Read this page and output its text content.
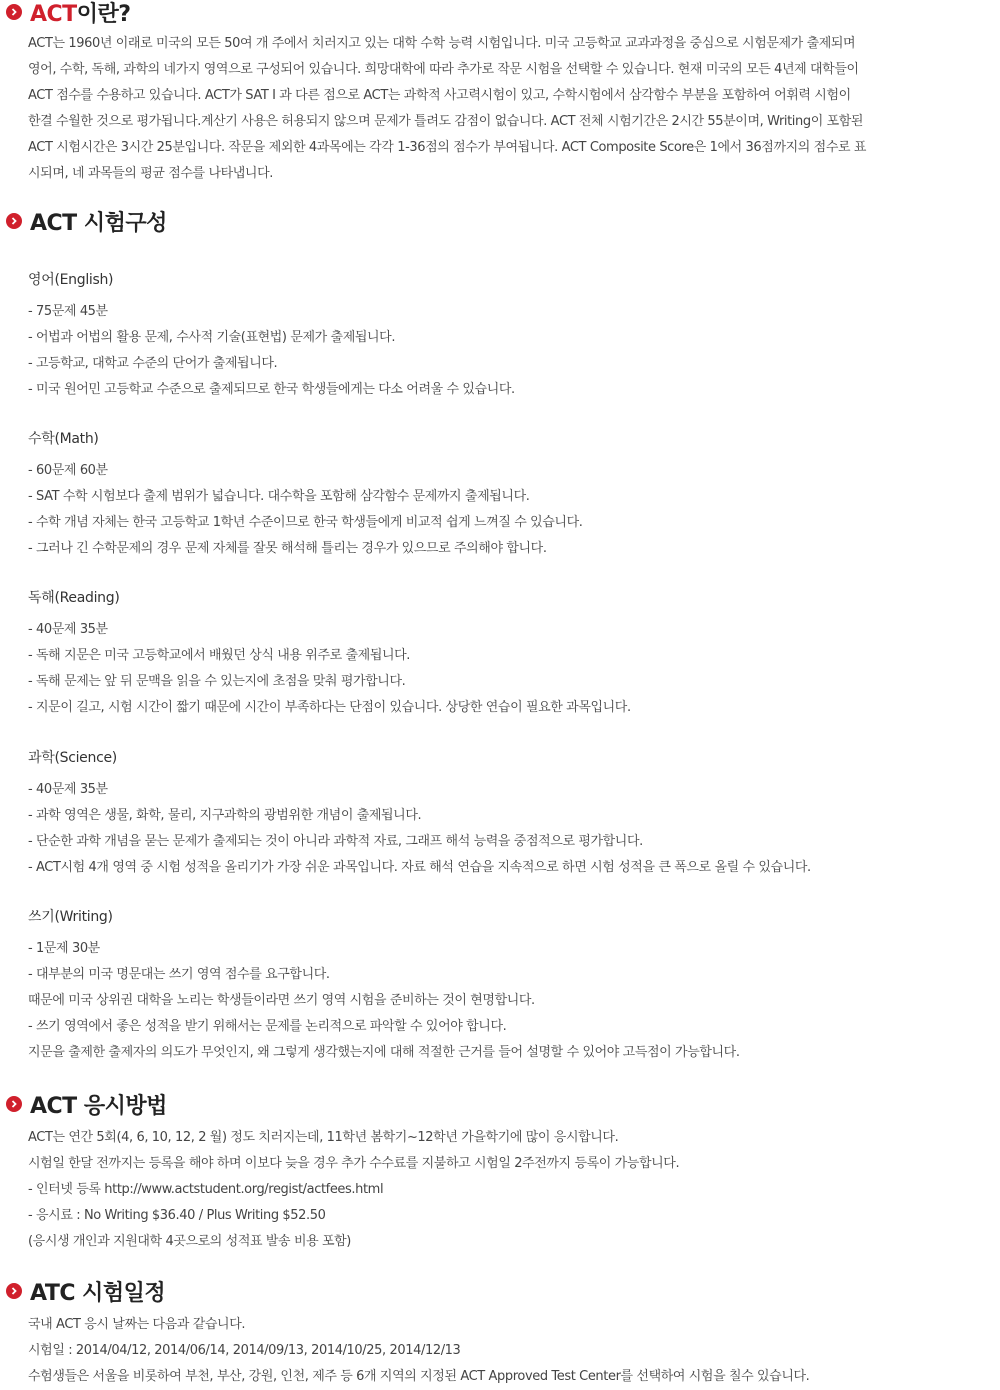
ACT이란?
ACT는 1960년 이래로 미국의 모든 50여 개 주에서 치러지고 있는 대학 수학 능력 시험입니다. 미국 고등학교 교과과정을 중심으로 시험문제가 출제되며
영어, 수학, 독해, 과학의 네가지 영역으로 구성되어 있습니다. 희망대학에 따라 추가로 작문 시험을 선택할 수 있습니다. 현재 미국의 모든 4년제 대학들이
ACT 점수를 수용하고 있습니다. ACT가 SAT Ⅰ 과 다른 점으로 ACT는 과학적 사고력시험이 있고, 수학시험에서 삼각함수 부분을 포함하여 어휘력 시험이
한결 수월한 것으로 평가됩니다.계산기 사용은 허용되지 않으며 문제가 틀려도 감점이 없습니다. ACT 전체 시험기간은 2시간 55분이며, Writing이 포함된
ACT 시험시간은 3시간 25분입니다. 작문을 제외한 4과목에는 각각 1-36점의 점수가 부여됩니다. ACT Composite Score은 1에서 36점까지의 점수로 표
시되며, 네 과목들의 평균 점수를 나타냅니다.
ACT 시험구성
영어(English)
- 75문제 45분
- 어법과 어법의 활용 문제, 수사적 기술(표현법) 문제가 출제됩니다.
- 고등학교, 대학교 수준의 단어가 출제됩니다.
- 미국 원어민 고등학교 수준으로 출제되므로 한국 학생들에게는 다소 어려울 수 있습니다.
수학(Math)
- 60문제 60분
- SAT 수학 시험보다 출제 범위가 넓습니다. 대수학을 포함해 삼각함수 문제까지 출제됩니다.
- 수학 개념 자체는 한국 고등학교 1학년 수준이므로 한국 학생들에게 비교적 쉽게 느껴질 수 있습니다.
- 그러나 긴 수학문제의 경우 문제 자체를 잘못 해석해 틀리는 경우가 있으므로 주의해야 합니다.
독해(Reading)
- 40문제 35분
- 독해 지문은 미국 고등학교에서 배웠던 상식 내용 위주로 출제됩니다.
- 독해 문제는 앞 뒤 문맥을 읽을 수 있는지에 초점을 맞춰 평가합니다.
- 지문이 길고, 시험 시간이 짧기 때문에 시간이 부족하다는 단점이 있습니다. 상당한 연습이 필요한 과목입니다.
과학(Science)
- 40문제 35분
- 과학 영역은 생물, 화학, 물리, 지구과학의 광범위한 개념이 출제됩니다.
- 단순한 과학 개념을 묻는 문제가 출제되는 것이 아니라 과학적 자료, 그래프 해석 능력을 중점적으로 평가합니다.
- ACT시험 4개 영역 중 시험 성적을 올리기가 가장 쉬운 과목입니다. 자료 해석 연습을 지속적으로 하면 시험 성적을 큰 폭으로 올릴 수 있습니다.
쓰기(Writing)
- 1문제 30분
- 대부분의 미국 명문대는 쓰기 영역 점수를 요구합니다.
때문에 미국 상위권 대학을 노리는 학생들이라면 쓰기 영역 시험을 준비하는 것이 현명합니다.
- 쓰기 영역에서 좋은 성적을 받기 위해서는 문제를 논리적으로 파악할 수 있어야 합니다.
지문을 출제한 출제자의 의도가 무엇인지, 왜 그렇게 생각했는지에 대해 적절한 근거를 들어 설명할 수 있어야 고득점이 가능합니다.
ACT 응시방법
ACT는 연간 5회(4, 6, 10, 12, 2 월) 정도 치러지는데, 11학년 봄학기~12학년 가을학기에 많이 응시합니다.
시험일 한달 전까지는 등록을 해야 하며 이보다 늦을 경우 추가 수수료를 지불하고 시험일 2주전까지 등록이 가능합니다.
- 인터넷 등록 http://www.actstudent.org/regist/actfees.html
- 응시료 : No Writing $36.40 / Plus Writing $52.50
(응시생 개인과 지원대학 4곳으로의 성적표 발송 비용 포함)
ATC 시험일정
국내 ACT 응시 날짜는 다음과 같습니다.
시험일 : 2014/04/12, 2014/06/14, 2014/09/13, 2014/10/25, 2014/12/13
수험생들은 서울을 비롯하여 부천, 부산, 강원, 인천, 제주 등 6개 지역의 지정된 ACT Approved Test Center를 선택하여 시험을 칠수 있습니다.
